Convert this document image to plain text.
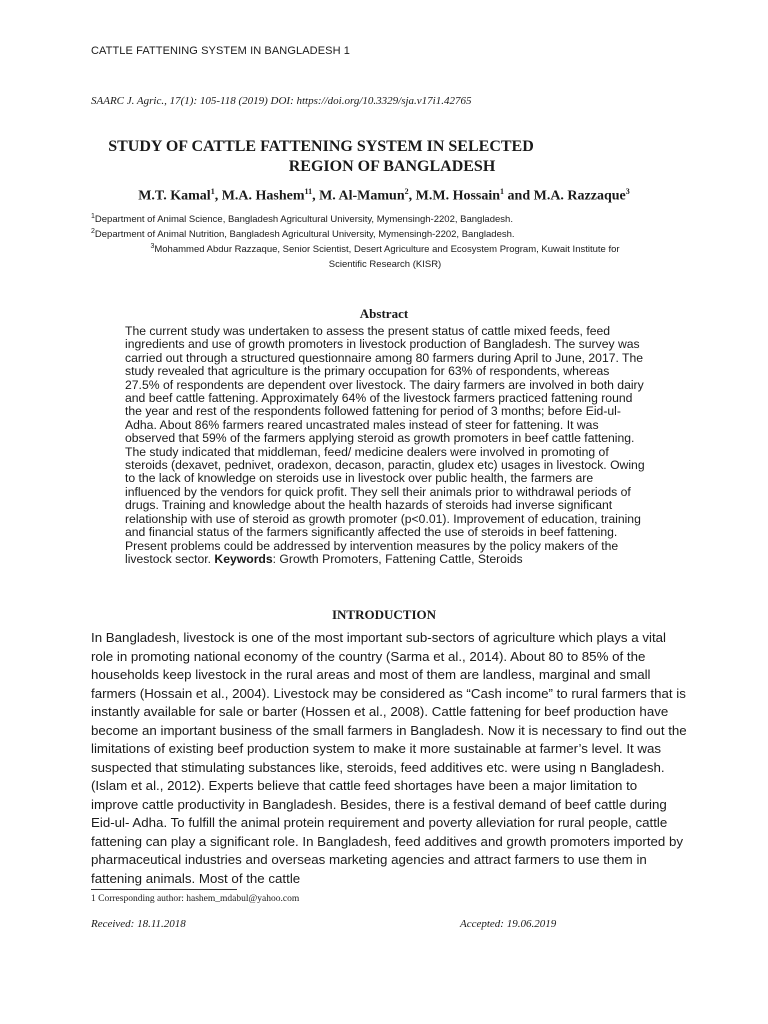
CATTLE FATTENING SYSTEM IN BANGLADESH 1
SAARC J. Agric., 17(1): 105-118 (2019) DOI: https://doi.org/10.3329/sja.v17i1.42765
STUDY OF CATTLE FATTENING SYSTEM IN SELECTED
REGION OF BANGLADESH
M.T. Kamal$^1$, M.A. Hashem$^{11}$, M. Al-Mamun$^2$, M.M. Hossain$^1$ and M.A. Razzaque$^3$
$^1$Department of Animal Science, Bangladesh Agricultural University, Mymensingh-2202, Bangladesh.
$^2$Department of Animal Nutrition, Bangladesh Agricultural University, Mymensingh-2202, Bangladesh.
$^3$Mohammed Abdur Razzaque, Senior Scientist, Desert Agriculture and Ecosystem Program, Kuwait Institute for Scientific Research (KISR)
Abstract
The current study was undertaken to assess the present status of cattle mixed feeds, feed ingredients and use of growth promoters in livestock production of Bangladesh. The survey was carried out through a structured questionnaire among 80 farmers during April to June, 2017. The study revealed that agriculture is the primary occupation for 63% of respondents, whereas 27.5% of respondents are dependent over livestock. The dairy farmers are involved in both dairy and beef cattle fattening. Approximately 64% of the livestock farmers practiced fattening round the year and rest of the respondents followed fattening for period of 3 months; before Eid-ul-Adha. About 86% farmers reared uncastrated males instead of steer for fattening. It was observed that 59% of the farmers applying steroid as growth promoters in beef cattle fattening. The study indicated that middleman, feed/ medicine dealers were involved in promoting of steroids (dexavet, pednivet, oradexon, decason, paractin, gludex etc) usages in livestock. Owing to the lack of knowledge on steroids use in livestock over public health, the farmers are influenced by the vendors for quick profit. They sell their animals prior to withdrawal periods of drugs. Training and knowledge about the health hazards of steroids had inverse significant relationship with use of steroid as growth promoter (p<0.01). Improvement of education, training and financial status of the farmers significantly affected the use of steroids in beef fattening. Present problems could be addressed by intervention measures by the policy makers of the livestock sector. Keywords: Growth Promoters, Fattening Cattle, Steroids
INTRODUCTION
In Bangladesh, livestock is one of the most important sub-sectors of agriculture which plays a vital role in promoting national economy of the country (Sarma et al., 2014). About 80 to 85% of the households keep livestock in the rural areas and most of them are landless, marginal and small farmers (Hossain et al., 2004). Livestock may be considered as “Cash income” to rural farmers that is instantly available for sale or barter (Hossen et al., 2008). Cattle fattening for beef production have become an important business of the small farmers in Bangladesh. Now it is necessary to find out the limitations of existing beef production system to make it more sustainable at farmer’s level. It was suspected that stimulating substances like, steroids, feed additives etc. were using n Bangladesh. (Islam et al., 2012). Experts believe that cattle feed shortages have been a major limitation to improve cattle productivity in Bangladesh. Besides, there is a festival demand of beef cattle during Eid-ul- Adha. To fulfill the animal protein requirement and poverty alleviation for rural people, cattle fattening can play a significant role. In Bangladesh, feed additives and growth promoters imported by pharmaceutical industries and overseas marketing agencies and attract farmers to use them in fattening animals. Most of the cattle
1 Corresponding author: hashem_mdabul@yahoo.com
Received: 18.11.2018	Accepted: 19.06.2019
